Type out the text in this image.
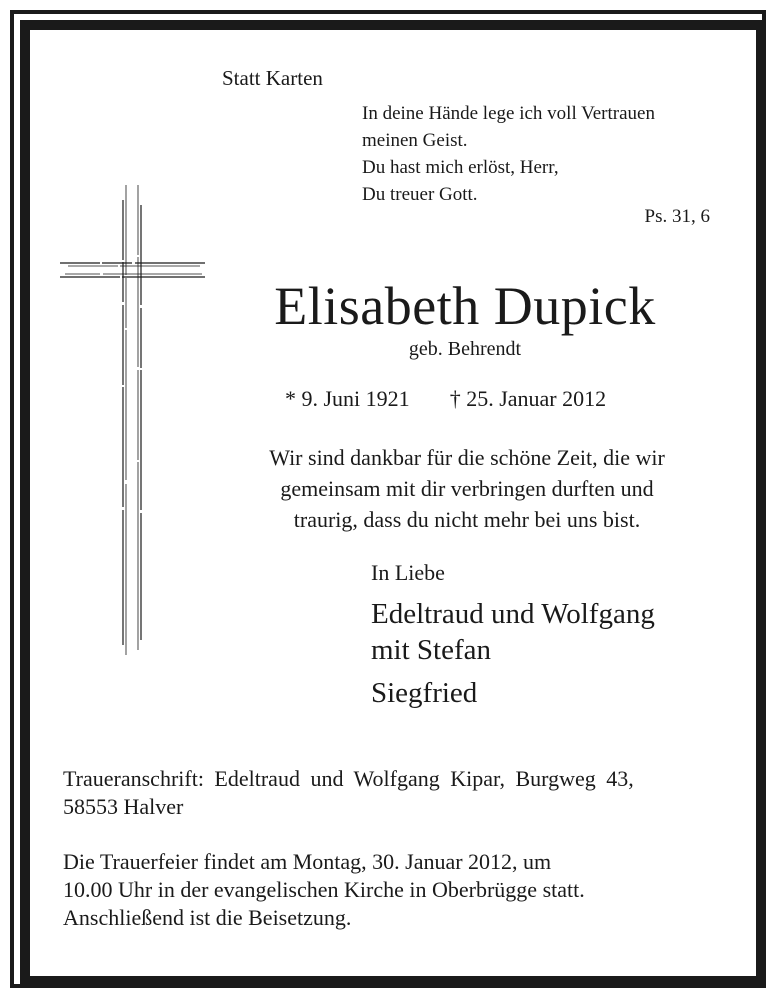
Statt Karten
In deine Hände lege ich voll Vertrauen
meinen Geist.
Du hast mich erlöst, Herr,
Du treuer Gott.
Ps. 31, 6
Elisabeth Dupick
geb. Behrendt
* 9. Juni 1921 † 25. Januar 2012
Wir sind dankbar für die schöne Zeit, die wir
gemeinsam mit dir verbringen durften und
traurig, dass du nicht mehr bei uns bist.
In Liebe
Edeltraud und Wolfgang
mit Stefan
Siegfried
Traueranschrift: Edeltraud und Wolfgang Kipar, Burgweg 43,
58553 Halver
Die Trauerfeier findet am Montag, 30. Januar 2012, um
10.00 Uhr in der evangelischen Kirche in Oberbrügge statt.
Anschließend ist die Beisetzung.
